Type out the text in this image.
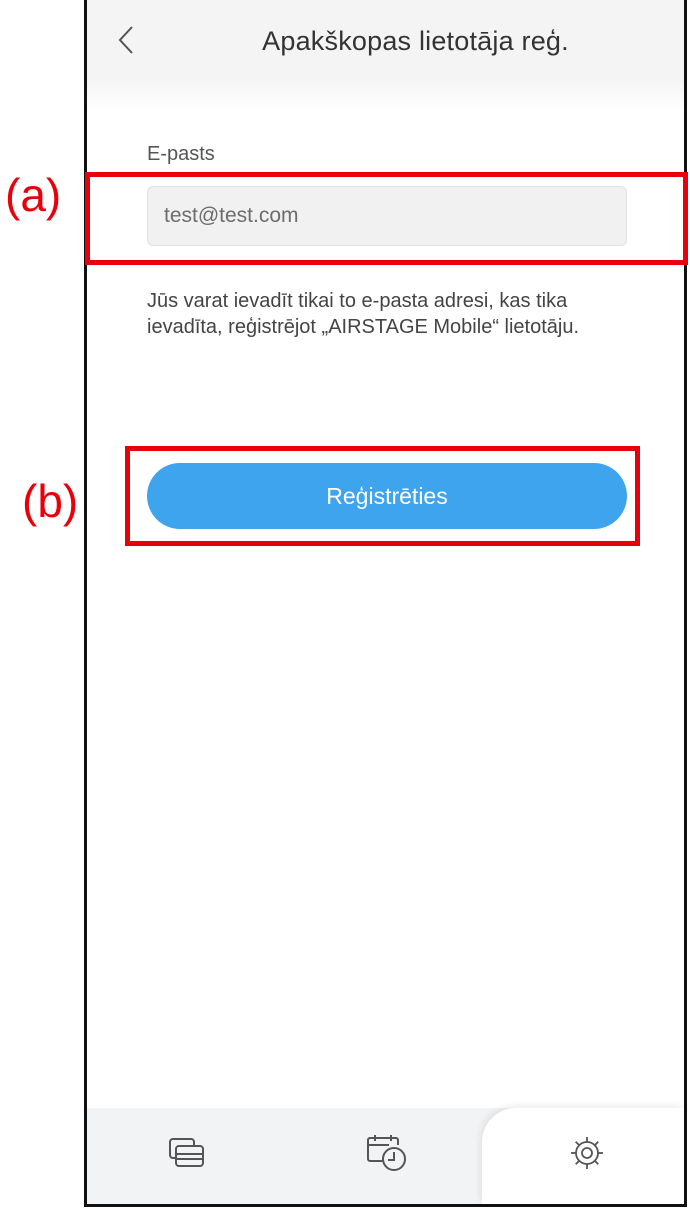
(a)
(b)
Apakškopas lietotāja reģ.
E-pasts
test@test.com
Jūs varat ievadīt tikai to e-pasta adresi, kas tika ievadīta, reģistrējot „AIRSTAGE Mobile“ lietotāju.
Reģistrēties
